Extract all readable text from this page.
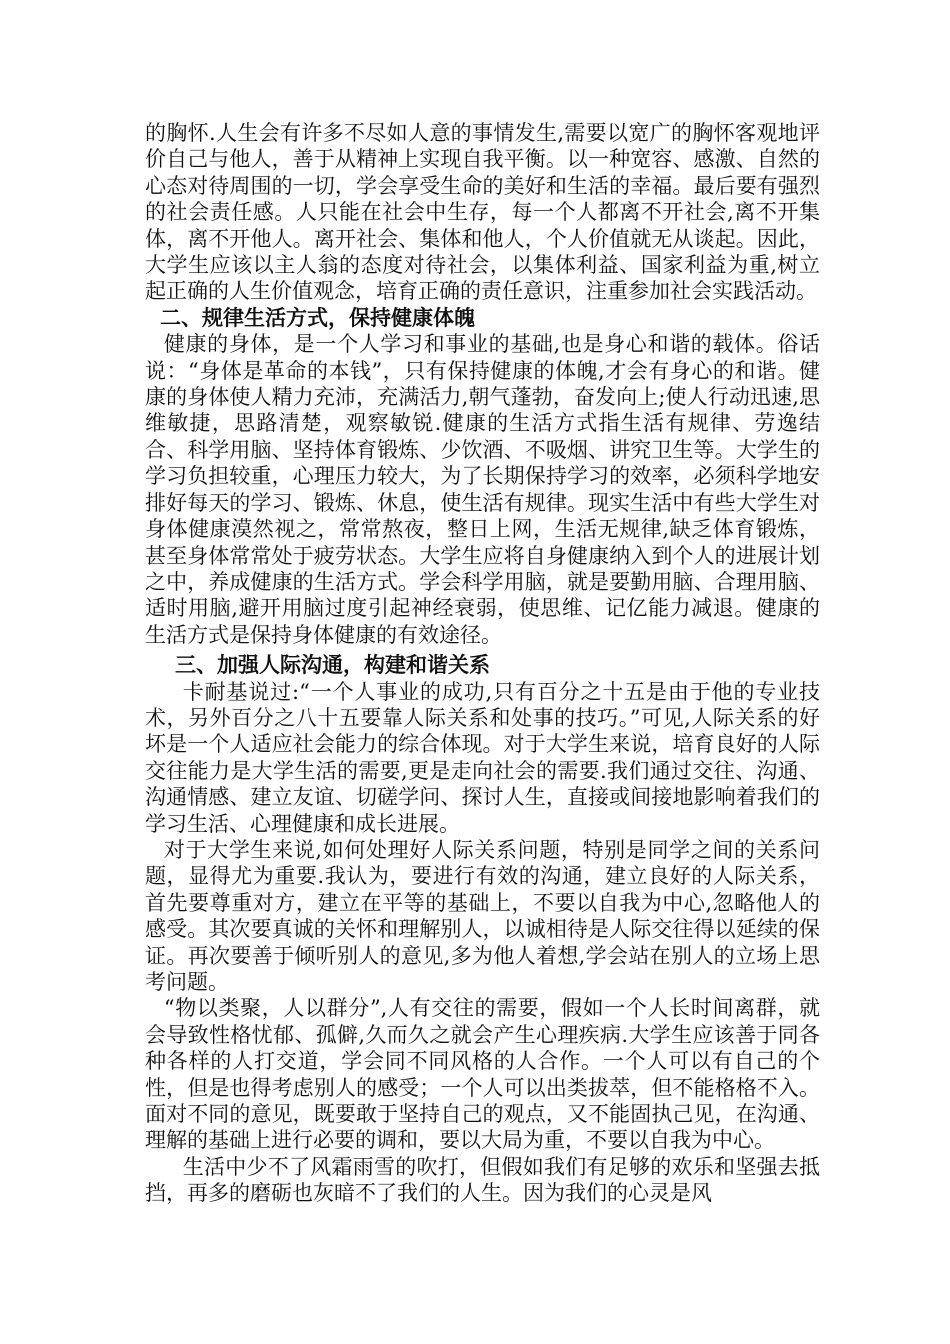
的胸怀.人生会有许多不尽如人意的事情发生,需要以宽广的胸怀客观地评价自己与他人，善于从精神上实现自我平衡。以一种宽容、感激、自然的心态对待周围的一切，学会享受生命的美好和生活的幸福。最后要有强烈的社会责任感。人只能在社会中生存，每一个人都离不开社会,离不开集体，离不开他人。离开社会、集体和他人，个人价值就无从谈起。因此，大学生应该以主人翁的态度对待社会，以集体利益、国家利益为重,树立起正确的人生价值观念，培育正确的责任意识，注重参加社会实践活动。

二、规律生活方式，保持健康体魄

健康的身体，是一个人学习和事业的基础,也是身心和谐的载体。俗话说：“身体是革命的本钱”，只有保持健康的体魄,才会有身心的和谐。健康的身体使人精力充沛，充满活力,朝气蓬勃，奋发向上;使人行动迅速,思维敏捷，思路清楚，观察敏锐.健康的生活方式指生活有规律、劳逸结合、科学用脑、坚持体育锻炼、少饮酒、不吸烟、讲究卫生等。大学生的学习负担较重，心理压力较大，为了长期保持学习的效率，必须科学地安排好每天的学习、锻炼、休息，使生活有规律。现实生活中有些大学生对身体健康漠然视之，常常熬夜，整日上网，生活无规律,缺乏体育锻炼，甚至身体常常处于疲劳状态。大学生应将自身健康纳入到个人的进展计划之中，养成健康的生活方式。学会科学用脑，就是要勤用脑、合理用脑、适时用脑,避开用脑过度引起神经衰弱，使思维、记亿能力减退。健康的生活方式是保持身体健康的有效途径。

三、加强人际沟通，构建和谐关系

卡耐基说过:“一个人事业的成功,只有百分之十五是由于他的专业技术，另外百分之八十五要靠人际关系和处事的技巧。”可见,人际关系的好坏是一个人适应社会能力的综合体现。对于大学生来说，培育良好的人际交往能力是大学生活的需要,更是走向社会的需要.我们通过交往、沟通、沟通情感、建立友谊、切磋学问、探讨人生，直接或间接地影响着我们的学习生活、心理健康和成长进展。

对于大学生来说,如何处理好人际关系问题，特别是同学之间的关系问题，显得尤为重要.我认为，要进行有效的沟通，建立良好的人际关系，首先要尊重对方，建立在平等的基础上，不要以自我为中心,忽略他人的感受。其次要真诚的关怀和理解别人，以诚相待是人际交往得以延续的保证。再次要善于倾听别人的意见,多为他人着想,学会站在别人的立场上思考问题。

“物以类聚，人以群分”,人有交往的需要，假如一个人长时间离群，就会导致性格忧郁、孤僻,久而久之就会产生心理疾病.大学生应该善于同各种各样的人打交道，学会同不同风格的人合作。一个人可以有自己的个性，但是也得考虑别人的感受；一个人可以出类拔萃，但不能格格不入。面对不同的意见，既要敢于坚持自己的观点，又不能固执己见，在沟通、理解的基础上进行必要的调和，要以大局为重，不要以自我为中心。

生活中少不了风霜雨雪的吹打，但假如我们有足够的欢乐和坚强去抵挡，再多的磨砺也灰暗不了我们的人生。因为我们的心灵是风
